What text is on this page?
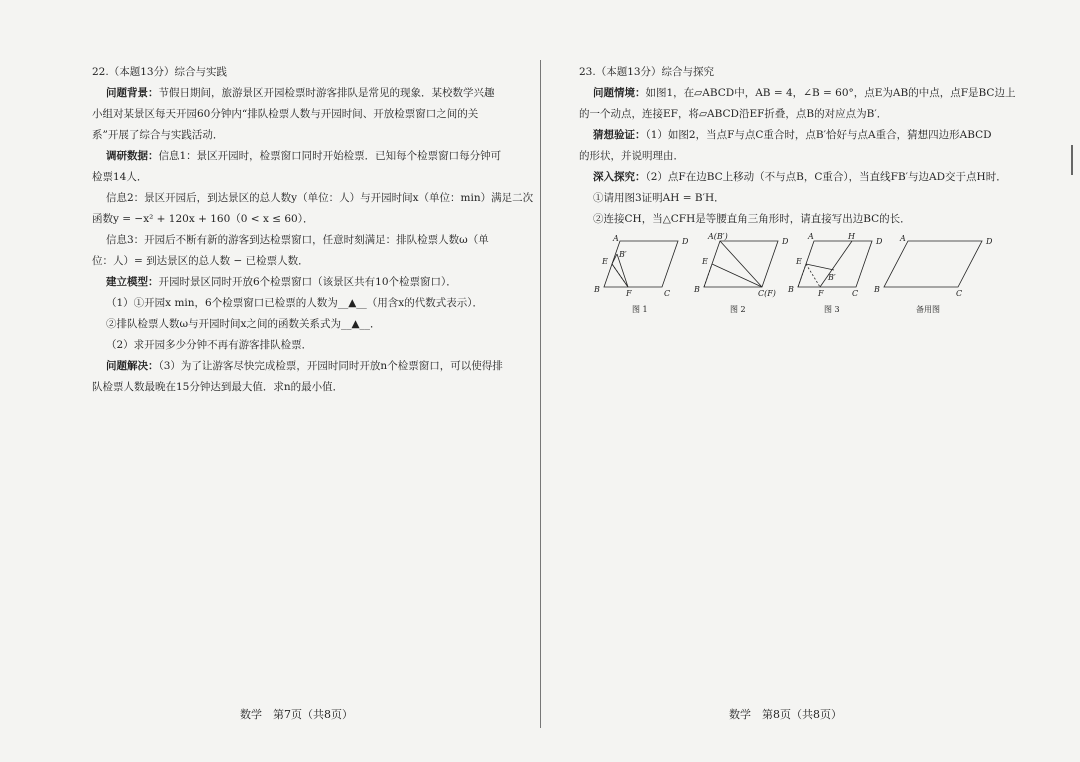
22.（本题13分）综合与实践
问题背景：节假日期间，旅游景区开园检票时游客排队是常见的现象．某校数学兴趣
小组对某景区每天开园60分钟内“排队检票人数与开园时间、开放检票窗口之间的关
系”开展了综合与实践活动．
调研数据：信息1：景区开园时，检票窗口同时开始检票．已知每个检票窗口每分钟可
检票14人．
信息2：景区开园后，到达景区的总人数y（单位：人）与开园时间x（单位：min）满足二次
函数y = −x² + 120x + 160（0 < x ≤ 60）．
信息3：开园后不断有新的游客到达检票窗口，任意时刻满足：排队检票人数ω（单
位：人）= 到达景区的总人数 − 已检票人数．
建立模型：开园时景区同时开放6个检票窗口（该景区共有10个检票窗口）．
（1）①开园x min，6个检票窗口已检票的人数为__▲__（用含x的代数式表示）．
②排队检票人数ω与开园时间x之间的函数关系式为__▲__．
（2）求开园多少分钟不再有游客排队检票．
问题解决：（3）为了让游客尽快完成检票，开园时同时开放n个检票窗口，可以使得排
队检票人数最晚在15分钟达到最大值．求n的最小值．
数学　第7页（共8页）
23.（本题13分）综合与探究
问题情境：如图1，在▱ABCD中，AB = 4，∠B = 60°，点E为AB的中点，点F是BC边上
的一个动点，连接EF，将▱ABCD沿EF折叠，点B的对应点为B′．
猜想验证：（1）如图2，当点F与点C重合时，点B′恰好与点A重合，猜想四边形ABCD
的形状，并说明理由．
深入探究：（2）点F在边BC上移动（不与点B，C重合），当直线FB′与边AD交于点H时．
①请用图3证明AH = B′H．
②连接CH，当△CFH是等腰直角三角形时，请直接写出边BC的长．
A	D
B′
E
B	F	C
图 1
A(B′)
D
E
B	C(F)
图 2
A	H
D
E
B′
B	F	C
图 3
A	D
B	C
备用图
数学　第8页（共8页）
